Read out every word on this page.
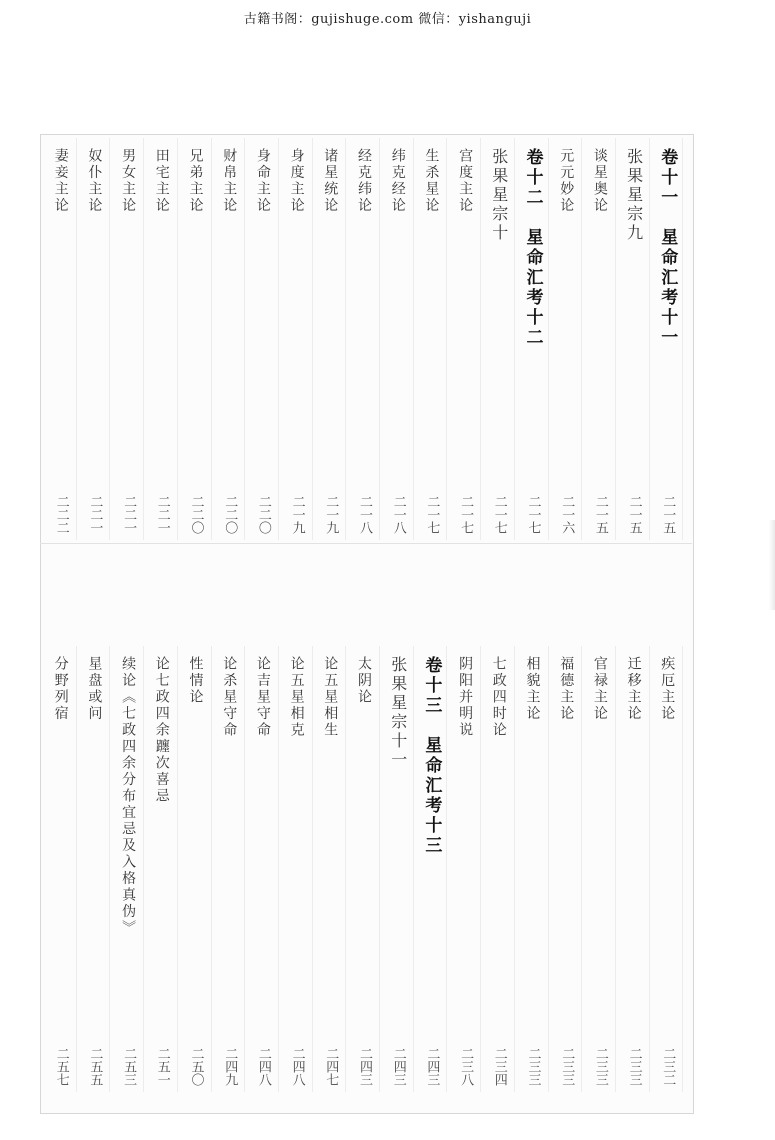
古籍书阁：gujishuge.com 微信：yishanguji
卷十一　星命汇考十一
二一五
张果星宗九
二一五
谈星奥论
二一五
元元妙论
二一六
卷十二　星命汇考十二
二一七
张果星宗十
二一七
宫度主论
二一七
生杀星论
二一七
纬克经论
二一八
经克纬论
二一八
诸星统论
二一九
身度主论
二一九
身命主论
二二〇
财帛主论
二二〇
兄弟主论
二二〇
田宅主论
二二一
男女主论
二二一
奴仆主论
二二一
妻妾主论
二二二
疾厄主论
二三二
迁移主论
二三三
官禄主论
二三三
福德主论
二三三
相貌主论
二三三
七政四时论
二三四
阴阳并明说
二三八
卷十三　星命汇考十三
二四三
张果星宗十一
二四三
太阴论
二四三
论五星相生
二四七
论五星相克
二四八
论吉星守命
二四八
论杀星守命
二四九
性情论
二五〇
论七政四余躔次喜忌
二五一
续论《七政四余分布宜忌及入格真伪》
二五三
星盘或问
二五五
分野列宿
二五七
